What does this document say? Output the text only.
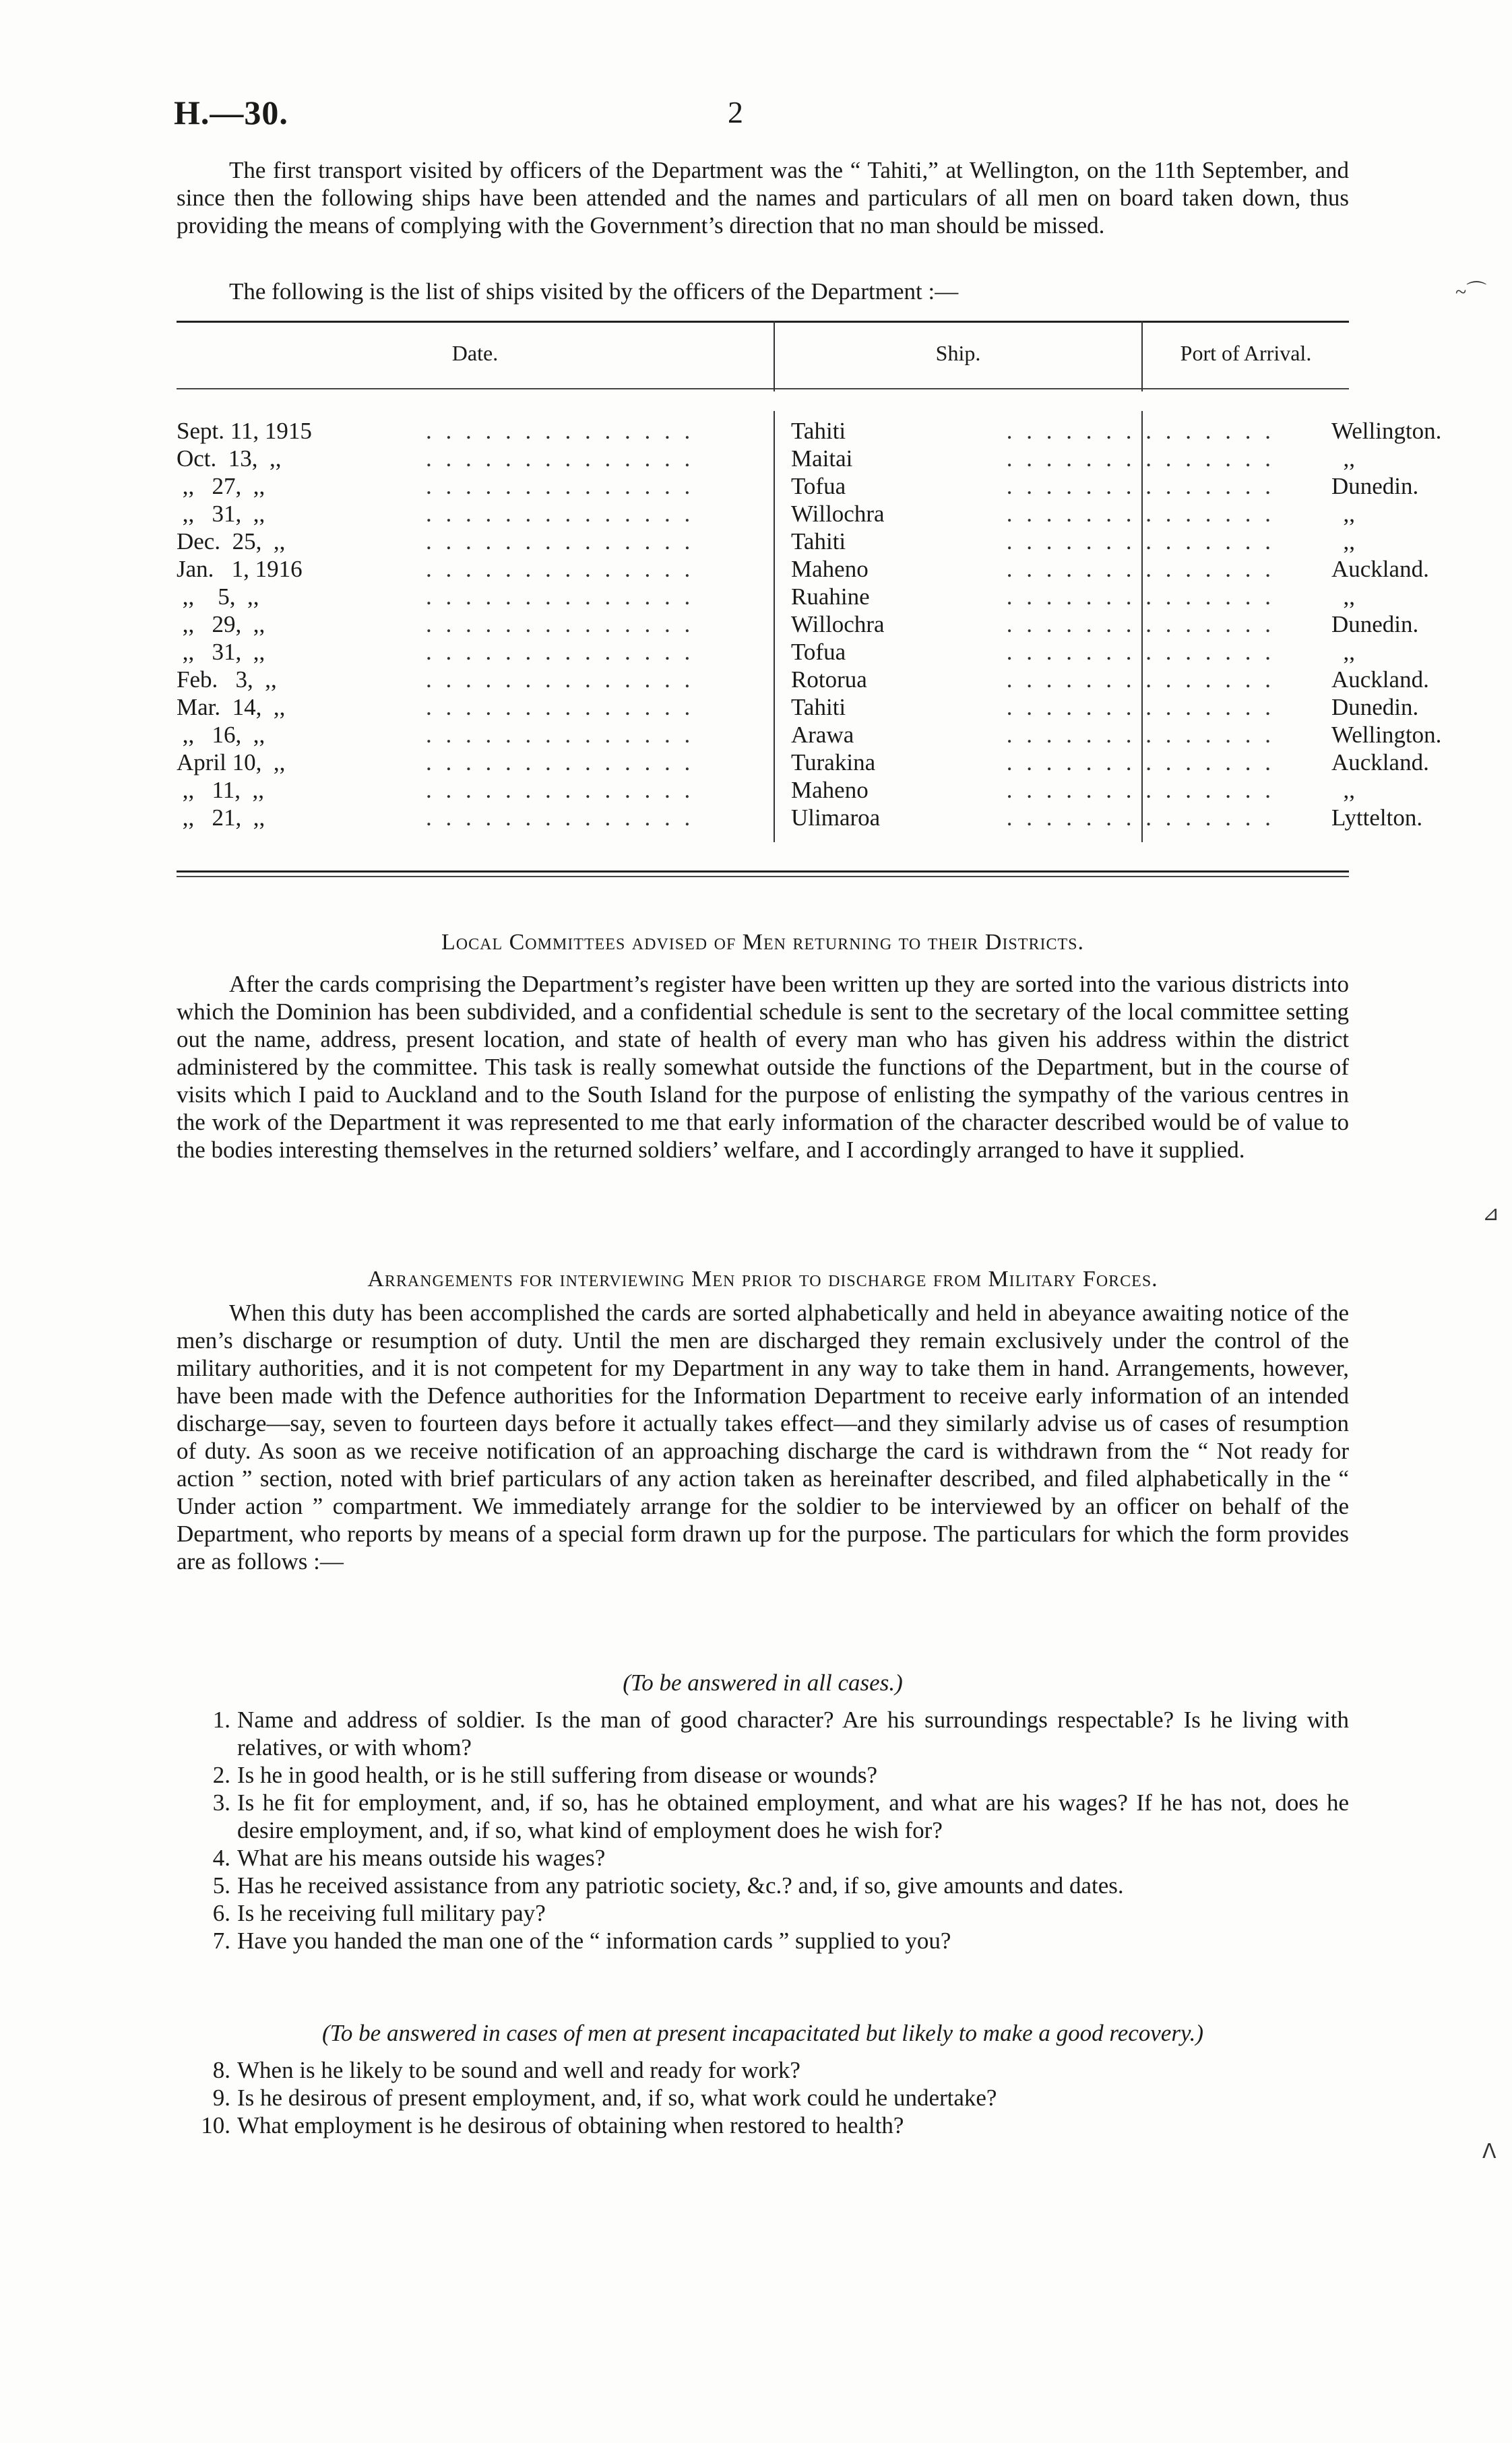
H.—30.	2

The first transport visited by officers of the Department was the “ Tahiti,” at Wellington, on the 11th September, and since then the following ships have been attended and the names and particulars of all men on board taken down, thus providing the means of complying with the Government’s direction that no man should be missed.

The following is the list of ships visited by the officers of the Department :—

Date.	Ship.	Port of Arrival.
Sept. 11, 1915	. . . . . . . . . . . . . .	Tahiti	. . . . . . . . . . . . . .	Wellington.
Oct.  13,  ,,	. . . . . . . . . . . . . .	Maitai	. . . . . . . . . . . . . .	,,
,,   27,  ,,	. . . . . . . . . . . . . .	Tofua	. . . . . . . . . . . . . .	Dunedin.
,,   31,  ,,	. . . . . . . . . . . . . .	Willochra	. . . . . . . . . . . . . .	,,
Dec.  25,  ,,	. . . . . . . . . . . . . .	Tahiti	. . . . . . . . . . . . . .	,,
Jan.   1, 1916	. . . . . . . . . . . . . .	Maheno	. . . . . . . . . . . . . .	Auckland.
,,    5,  ,,	. . . . . . . . . . . . . .	Ruahine	. . . . . . . . . . . . . .	,,
,,   29,  ,,	. . . . . . . . . . . . . .	Willochra	. . . . . . . . . . . . . .	Dunedin.
,,   31,  ,,	. . . . . . . . . . . . . .	Tofua	. . . . . . . . . . . . . .	,,
Feb.   3,  ,,	. . . . . . . . . . . . . .	Rotorua	. . . . . . . . . . . . . .	Auckland.
Mar.  14,  ,,	. . . . . . . . . . . . . .	Tahiti	. . . . . . . . . . . . . .	Dunedin.
,,   16,  ,,	. . . . . . . . . . . . . .	Arawa	. . . . . . . . . . . . . .	Wellington.
April 10,  ,,	. . . . . . . . . . . . . .	Turakina	. . . . . . . . . . . . . .	Auckland.
,,   11,  ,,	. . . . . . . . . . . . . .	Maheno	. . . . . . . . . . . . . .	,,
,,   21,  ,,	. . . . . . . . . . . . . .	Ulimaroa	. . . . . . . . . . . . . .	Lyttelton.
Local Committees advised of Men returning to their Districts.

After the cards comprising the Department’s register have been written up they are sorted into the various districts into which the Dominion has been subdivided, and a confidential schedule is sent to the secretary of the local committee setting out the name, address, present location, and state of health of every man who has given his address within the district administered by the committee. This task is really somewhat outside the functions of the Department, but in the course of visits which I paid to Auckland and to the South Island for the purpose of enlisting the sympathy of the various centres in the work of the Department it was represented to me that early information of the character described would be of value to the bodies interesting themselves in the returned soldiers’ welfare, and I accordingly arranged to have it supplied.

Arrangements for interviewing Men prior to discharge from Military Forces.

When this duty has been accomplished the cards are sorted alphabetically and held in abeyance awaiting notice of the men’s discharge or resumption of duty. Until the men are discharged they remain exclusively under the control of the military authorities, and it is not competent for my Department in any way to take them in hand. Arrangements, however, have been made with the Defence authorities for the Information Department to receive early information of an intended discharge—say, seven to fourteen days before it actually takes effect—and they similarly advise us of cases of resumption of duty. As soon as we receive notification of an approaching discharge the card is withdrawn from the “ Not ready for action ” section, noted with brief particulars of any action taken as hereinafter described, and filed alphabetically in the “ Under action ” compartment. We immediately arrange for the soldier to be interviewed by an officer on behalf of the Department, who reports by means of a special form drawn up for the purpose. The particulars for which the form provides are as follows :—

(To be answered in all cases.)
1. Name and address of soldier. Is the man of good character? Are his surroundings respectable? Is he living with relatives, or with whom?
2. Is he in good health, or is he still suffering from disease or wounds?
3. Is he fit for employment, and, if so, has he obtained employment, and what are his wages? If he has not, does he desire employment, and, if so, what kind of employment does he wish for?
4. What are his means outside his wages?
5. Has he received assistance from any patriotic society, &c.? and, if so, give amounts and dates.
6. Is he receiving full military pay?
7. Have you handed the man one of the “ information cards ” supplied to you?
(To be answered in cases of men at present incapacitated but likely to make a good recovery.)
8. When is he likely to be sound and well and ready for work?
9. Is he desirous of present employment, and, if so, what work could he undertake?
10. What employment is he desirous of obtaining when restored to health?
~⌒
⊿
ᐱ
